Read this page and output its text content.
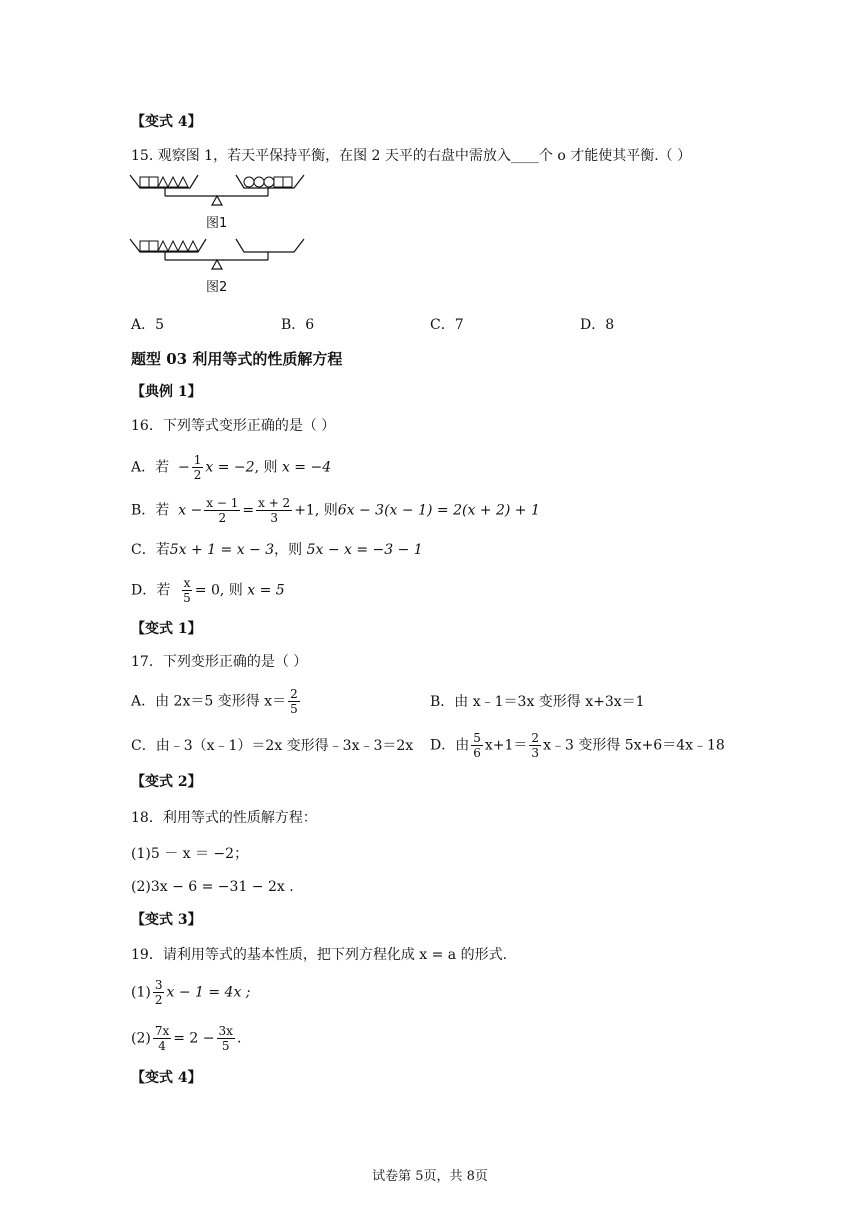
【变式 4】
15. 观察图 1，若天平保持平衡，在图 2 天平的右盘中需放入____个 o 才能使其平衡.（ ）
图1
图2
A．5	B．6	C．7	D．8
题型 03 利用等式的性质解方程
【典例 1】
16．下列等式变形正确的是（ ）
A．若 − $\frac{1}{2}$ x = −2, 则 x = −4
B．若 $x - \frac{x - 1}{2} = \frac{x + 2}{3} +1$, 则6x − 3(x − 1) = 2(x + 2) + 1
C．若5x + 1 = x − 3，则 5x − x = −3 − 1
D．若 $\frac{x}{5} = 0$, 则 x = 5
【变式 1】
17．下列变形正确的是（ ）
A．由 2x＝5 变形得 $x= \frac{2}{5}$	B．由 x﹣1＝3x 变形得 x+3x＝1
C．由﹣3（x﹣1）＝2x 变形得﹣3x﹣3＝2x D．由 $\frac{5}{6} x+1= \frac{2}{3}$ x﹣3 变形得 5x+6＝4x﹣18
【变式 2】
18．利用等式的性质解方程：
(1)5 － x ＝ −2；
(2)3x − 6 = −31 − 2x .
【变式 3】
19．请利用等式的基本性质，把下列方程化成 x = a 的形式.
$(1) \frac{3}{2}$ x − 1 = 4x ;
$(2) \frac{7x}{4} = 2 - \frac{3x}{5}$ .
【变式 4】
试卷第 5页，共 8页
